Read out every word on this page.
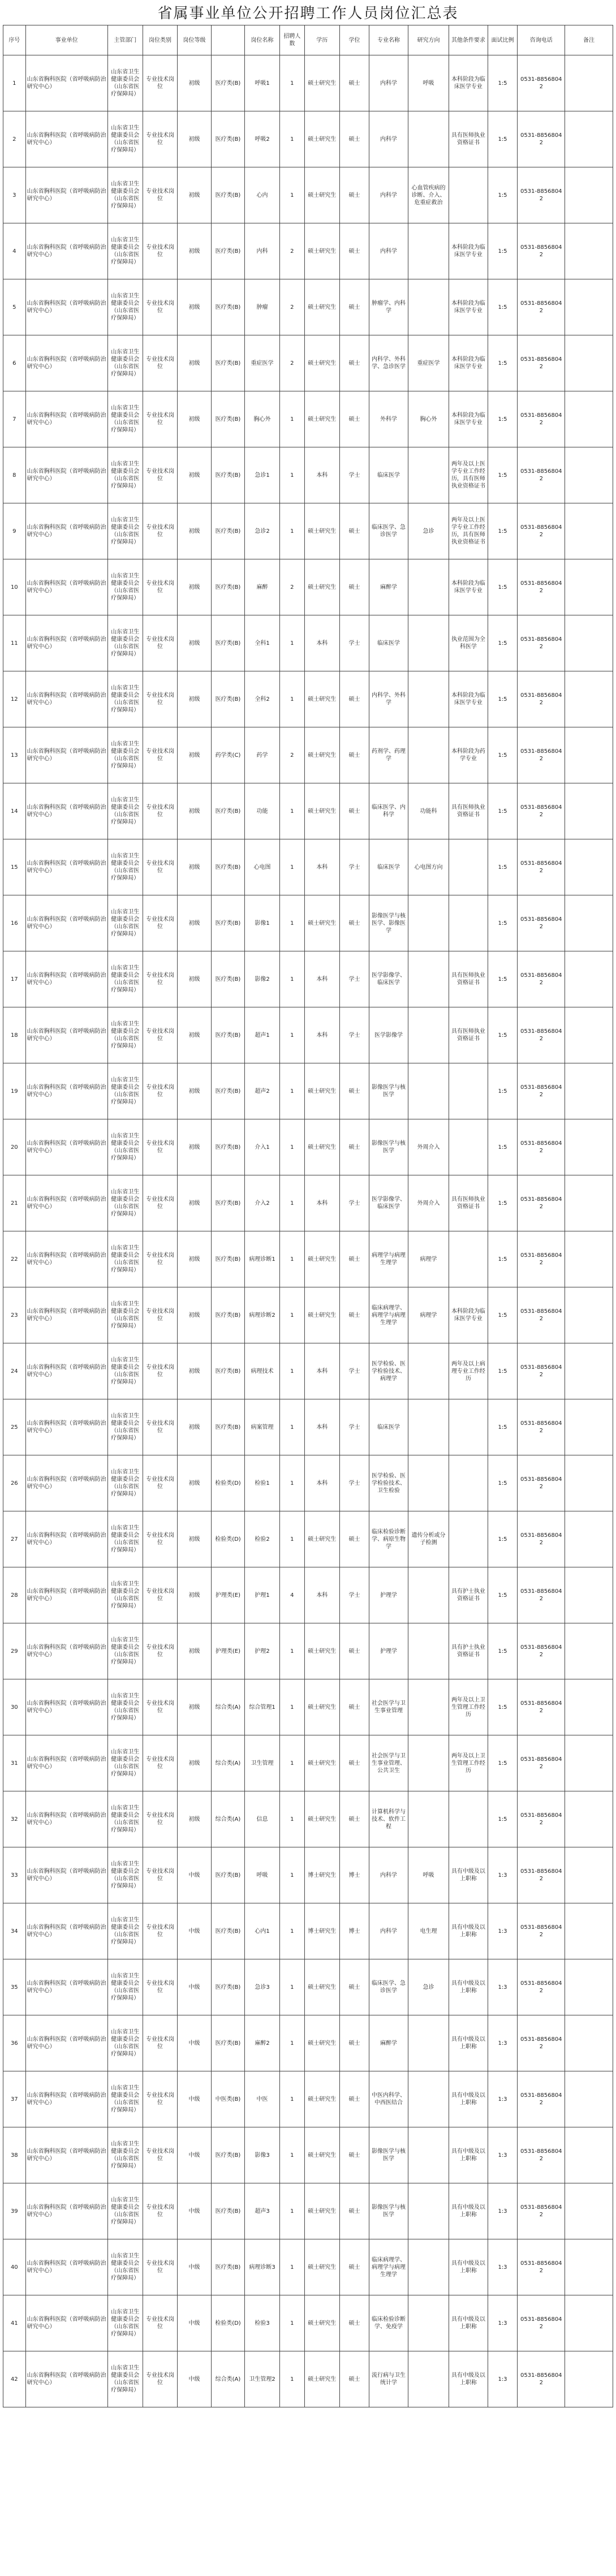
省属事业单位公开招聘工作人员岗位汇总表
序号	事业单位	主管部门	岗位类别	岗位等级		岗位名称	招聘人数	学历	学位	专业名称	研究方向	其他条件要求	面试比例	咨询电话	备注
1	山东省胸科医院（省呼吸病防治研究中心）	山东省卫生健康委员会（山东省医疗保障局）	专业技术岗位	初级	医疗类(B)	呼吸1	1	硕士研究生	硕士	内科学	呼吸	本科阶段为临床医学专业	1:5	0531-88568042	
2	山东省胸科医院（省呼吸病防治研究中心）	山东省卫生健康委员会（山东省医疗保障局）	专业技术岗位	初级	医疗类(B)	呼吸2	1	硕士研究生	硕士	内科学		具有医师执业资格证书	1:5	0531-88568042	
3	山东省胸科医院（省呼吸病防治研究中心）	山东省卫生健康委员会（山东省医疗保障局）	专业技术岗位	初级	医疗类(B)	心内	1	硕士研究生	硕士	内科学	心血管疾病的诊断、介入、危重症救治		1:5	0531-88568042	
4	山东省胸科医院（省呼吸病防治研究中心）	山东省卫生健康委员会（山东省医疗保障局）	专业技术岗位	初级	医疗类(B)	内科	2	硕士研究生	硕士	内科学		本科阶段为临床医学专业	1:5	0531-88568042	
5	山东省胸科医院（省呼吸病防治研究中心）	山东省卫生健康委员会（山东省医疗保障局）	专业技术岗位	初级	医疗类(B)	肿瘤	2	硕士研究生	硕士	肿瘤学、内科学		本科阶段为临床医学专业	1:5	0531-88568042	
6	山东省胸科医院（省呼吸病防治研究中心）	山东省卫生健康委员会（山东省医疗保障局）	专业技术岗位	初级	医疗类(B)	重症医学	2	硕士研究生	硕士	内科学、外科学、急诊医学	重症医学	本科阶段为临床医学专业	1:5	0531-88568042	
7	山东省胸科医院（省呼吸病防治研究中心）	山东省卫生健康委员会（山东省医疗保障局）	专业技术岗位	初级	医疗类(B)	胸心外	1	硕士研究生	硕士	外科学	胸心外	本科阶段为临床医学专业	1:5	0531-88568042	
8	山东省胸科医院（省呼吸病防治研究中心）	山东省卫生健康委员会（山东省医疗保障局）	专业技术岗位	初级	医疗类(B)	急诊1	1	本科	学士	临床医学		两年及以上医学专业工作经历，具有医师执业资格证书	1:5	0531-88568042	
9	山东省胸科医院（省呼吸病防治研究中心）	山东省卫生健康委员会（山东省医疗保障局）	专业技术岗位	初级	医疗类(B)	急诊2	1	硕士研究生	硕士	临床医学、急诊医学	急诊	两年及以上医学专业工作经历，具有医师执业资格证书	1:5	0531-88568042	
10	山东省胸科医院（省呼吸病防治研究中心）	山东省卫生健康委员会（山东省医疗保障局）	专业技术岗位	初级	医疗类(B)	麻醉	2	硕士研究生	硕士	麻醉学		本科阶段为临床医学专业	1:5	0531-88568042	
11	山东省胸科医院（省呼吸病防治研究中心）	山东省卫生健康委员会（山东省医疗保障局）	专业技术岗位	初级	医疗类(B)	全科1	1	本科	学士	临床医学		执业范围为全科医学	1:5	0531-88568042	
12	山东省胸科医院（省呼吸病防治研究中心）	山东省卫生健康委员会（山东省医疗保障局）	专业技术岗位	初级	医疗类(B)	全科2	1	硕士研究生	硕士	内科学、外科学		本科阶段为临床医学专业	1:5	0531-88568042	
13	山东省胸科医院（省呼吸病防治研究中心）	山东省卫生健康委员会（山东省医疗保障局）	专业技术岗位	初级	药学类(C)	药学	2	硕士研究生	硕士	药剂学、药理学		本科阶段为药学专业	1:5	0531-88568042	
14	山东省胸科医院（省呼吸病防治研究中心）	山东省卫生健康委员会（山东省医疗保障局）	专业技术岗位	初级	医疗类(B)	功能	1	硕士研究生	硕士	临床医学、内科学	功能科	具有医师执业资格证书	1:5	0531-88568042	
15	山东省胸科医院（省呼吸病防治研究中心）	山东省卫生健康委员会（山东省医疗保障局）	专业技术岗位	初级	医疗类(B)	心电图	1	本科	学士	临床医学	心电图方向		1:5	0531-88568042	
16	山东省胸科医院（省呼吸病防治研究中心）	山东省卫生健康委员会（山东省医疗保障局）	专业技术岗位	初级	医疗类(B)	影像1	1	硕士研究生	硕士	影像医学与核医学、影像医学			1:5	0531-88568042	
17	山东省胸科医院（省呼吸病防治研究中心）	山东省卫生健康委员会（山东省医疗保障局）	专业技术岗位	初级	医疗类(B)	影像2	1	本科	学士	医学影像学、临床医学		具有医师执业资格证书	1:5	0531-88568042	
18	山东省胸科医院（省呼吸病防治研究中心）	山东省卫生健康委员会（山东省医疗保障局）	专业技术岗位	初级	医疗类(B)	超声1	1	本科	学士	医学影像学		具有医师执业资格证书	1:5	0531-88568042	
19	山东省胸科医院（省呼吸病防治研究中心）	山东省卫生健康委员会（山东省医疗保障局）	专业技术岗位	初级	医疗类(B)	超声2	1	硕士研究生	硕士	影像医学与核医学			1:5	0531-88568042	
20	山东省胸科医院（省呼吸病防治研究中心）	山东省卫生健康委员会（山东省医疗保障局）	专业技术岗位	初级	医疗类(B)	介入1	1	硕士研究生	硕士	影像医学与核医学	外周介入		1:5	0531-88568042	
21	山东省胸科医院（省呼吸病防治研究中心）	山东省卫生健康委员会（山东省医疗保障局）	专业技术岗位	初级	医疗类(B)	介入2	1	本科	学士	医学影像学、临床医学	外周介入	具有医师执业资格证书	1:5	0531-88568042	
22	山东省胸科医院（省呼吸病防治研究中心）	山东省卫生健康委员会（山东省医疗保障局）	专业技术岗位	初级	医疗类(B)	病理诊断1	1	硕士研究生	硕士	病理学与病理生理学	病理学		1:5	0531-88568042	
23	山东省胸科医院（省呼吸病防治研究中心）	山东省卫生健康委员会（山东省医疗保障局）	专业技术岗位	初级	医疗类(B)	病理诊断2	1	硕士研究生	硕士	临床病理学、病理学与病理生理学	病理学	本科阶段为临床医学专业	1:5	0531-88568042	
24	山东省胸科医院（省呼吸病防治研究中心）	山东省卫生健康委员会（山东省医疗保障局）	专业技术岗位	初级	医疗类(B)	病理技术	1	本科	学士	医学检验、医学检验技术、病理学		两年及以上病理专业工作经历	1:5	0531-88568042	
25	山东省胸科医院（省呼吸病防治研究中心）	山东省卫生健康委员会（山东省医疗保障局）	专业技术岗位	初级	医疗类(B)	病案管理	1	本科	学士	临床医学			1:5	0531-88568042	
26	山东省胸科医院（省呼吸病防治研究中心）	山东省卫生健康委员会（山东省医疗保障局）	专业技术岗位	初级	检验类(D)	检验1	1	本科	学士	医学检验、医学检验技术、卫生检验			1:5	0531-88568042	
27	山东省胸科医院（省呼吸病防治研究中心）	山东省卫生健康委员会（山东省医疗保障局）	专业技术岗位	初级	检验类(D)	检验2	1	硕士研究生	硕士	临床检验诊断学、病原生物学	遗传分析或分子检测		1:5	0531-88568042	
28	山东省胸科医院（省呼吸病防治研究中心）	山东省卫生健康委员会（山东省医疗保障局）	专业技术岗位	初级	护理类(E)	护理1	4	本科	学士	护理学		具有护士执业资格证书	1:5	0531-88568042	
29	山东省胸科医院（省呼吸病防治研究中心）	山东省卫生健康委员会（山东省医疗保障局）	专业技术岗位	初级	护理类(E)	护理2	1	硕士研究生	硕士	护理学		具有护士执业资格证书	1:5	0531-88568042	
30	山东省胸科医院（省呼吸病防治研究中心）	山东省卫生健康委员会（山东省医疗保障局）	专业技术岗位	初级	综合类(A)	综合管理1	1	硕士研究生	硕士	社会医学与卫生事业管理		两年及以上卫生管理工作经历	1:5	0531-88568042	
31	山东省胸科医院（省呼吸病防治研究中心）	山东省卫生健康委员会（山东省医疗保障局）	专业技术岗位	初级	综合类(A)	卫生管理	1	硕士研究生	硕士	社会医学与卫生事业管理、公共卫生		两年及以上卫生管理工作经历	1:5	0531-88568042	
32	山东省胸科医院（省呼吸病防治研究中心）	山东省卫生健康委员会（山东省医疗保障局）	专业技术岗位	初级	综合类(A)	信息	1	硕士研究生	硕士	计算机科学与技术、软件工程			1:5	0531-88568042	
33	山东省胸科医院（省呼吸病防治研究中心）	山东省卫生健康委员会（山东省医疗保障局）	专业技术岗位	中级	医疗类(B)	呼吸	1	博士研究生	博士	内科学	呼吸	具有中级及以上职称	1:3	0531-88568042	
34	山东省胸科医院（省呼吸病防治研究中心）	山东省卫生健康委员会（山东省医疗保障局）	专业技术岗位	中级	医疗类(B)	心内1	1	博士研究生	博士	内科学	电生理	具有中级及以上职称	1:3	0531-88568042	
35	山东省胸科医院（省呼吸病防治研究中心）	山东省卫生健康委员会（山东省医疗保障局）	专业技术岗位	中级	医疗类(B)	急诊3	1	硕士研究生	硕士	临床医学、急诊医学	急诊	具有中级及以上职称	1:3	0531-88568042	
36	山东省胸科医院（省呼吸病防治研究中心）	山东省卫生健康委员会（山东省医疗保障局）	专业技术岗位	中级	医疗类(B)	麻醉2	1	硕士研究生	硕士	麻醉学		具有中级及以上职称	1:3	0531-88568042	
37	山东省胸科医院（省呼吸病防治研究中心）	山东省卫生健康委员会（山东省医疗保障局）	专业技术岗位	中级	中医类(B)	中医	1	硕士研究生	硕士	中医内科学、中西医结合		具有中级及以上职称	1:3	0531-88568042	
38	山东省胸科医院（省呼吸病防治研究中心）	山东省卫生健康委员会（山东省医疗保障局）	专业技术岗位	中级	医疗类(B)	影像3	1	硕士研究生	硕士	影像医学与核医学		具有中级及以上职称	1:3	0531-88568042	
39	山东省胸科医院（省呼吸病防治研究中心）	山东省卫生健康委员会（山东省医疗保障局）	专业技术岗位	中级	医疗类(B)	超声3	1	硕士研究生	硕士	影像医学与核医学		具有中级及以上职称	1:3	0531-88568042	
40	山东省胸科医院（省呼吸病防治研究中心）	山东省卫生健康委员会（山东省医疗保障局）	专业技术岗位	中级	医疗类(B)	病理诊断3	1	硕士研究生	硕士	临床病理学、病理学与病理生理学		具有中级及以上职称	1:3	0531-88568042	
41	山东省胸科医院（省呼吸病防治研究中心）	山东省卫生健康委员会（山东省医疗保障局）	专业技术岗位	中级	检验类(D)	检验3	1	硕士研究生	硕士	临床检验诊断学、免疫学		具有中级及以上职称	1:3	0531-88568042	
42	山东省胸科医院（省呼吸病防治研究中心）	山东省卫生健康委员会（山东省医疗保障局）	专业技术岗位	中级	综合类(A)	卫生管理2	1	硕士研究生	硕士	流行病与卫生统计学		具有中级及以上职称	1:3	0531-88568042	
